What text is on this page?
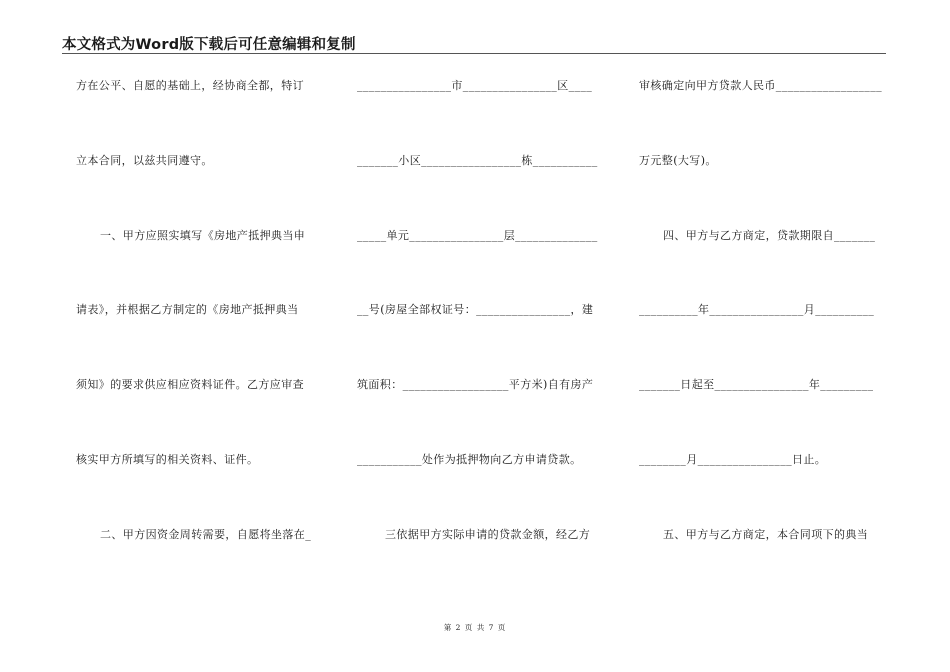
本文格式为Word版下载后可任意编辑和复制
方在公平、自愿的基础上，经协商全都，特订
立本合同，以兹共同遵守。
一、甲方应照实填写《房地产抵押典当申
请表》，并根据乙方制定的《房地产抵押典当
须知》的要求供应相应资料证件。乙方应审查
核实甲方所填写的相关资料、证件。
二、甲方因资金周转需要，自愿将坐落在_
________________市________________区____
_______小区_________________栋___________
_____单元________________层______________
__号(房屋全部权证号：________________，建
筑面积：__________________平方米)自有房产
___________处作为抵押物向乙方申请贷款。
三依据甲方实际申请的贷款金额，经乙方
审核确定向甲方贷款人民币__________________
万元整(大写)。
四、甲方与乙方商定，贷款期限自_______
__________年________________月__________
_______日起至________________年_________
________月________________日止。
五、甲方与乙方商定，本合同项下的典当
第 2 页 共 7 页
